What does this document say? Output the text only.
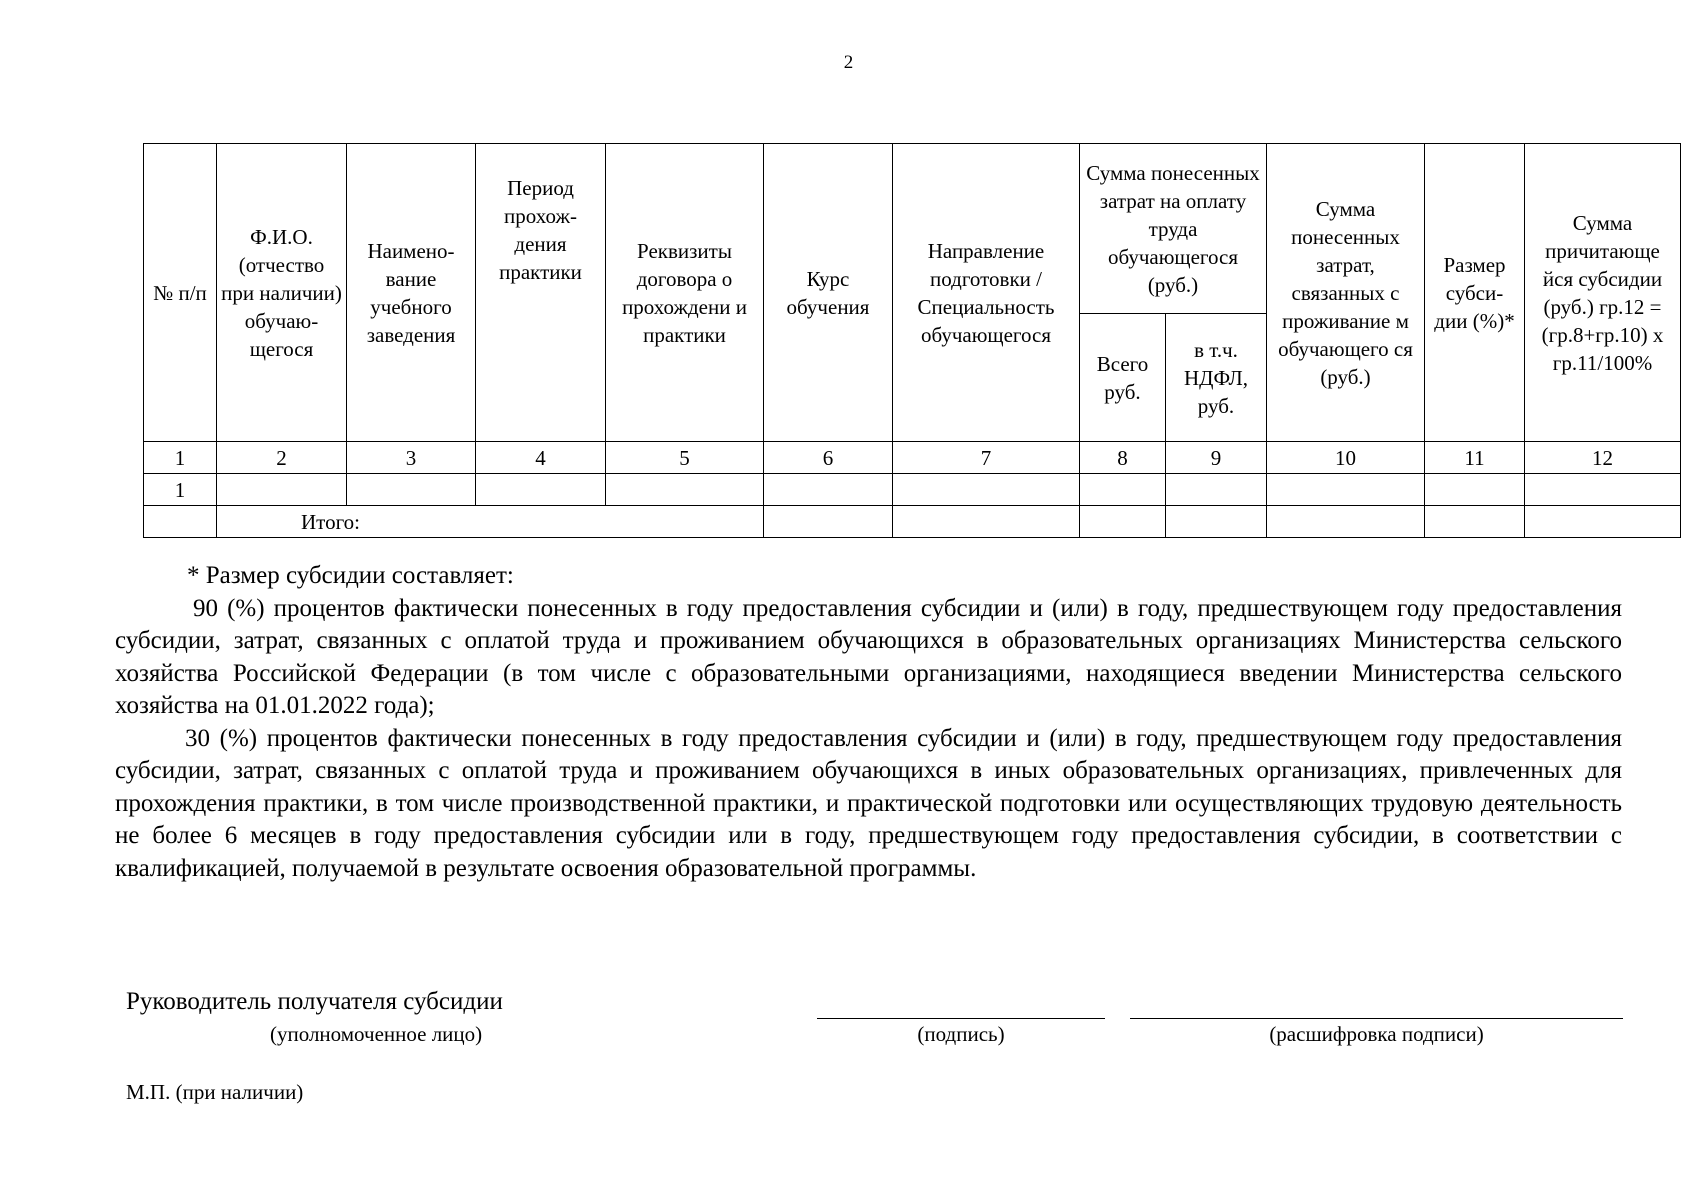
2
№ п/п	Ф.И.О. (отчество при наличии) обучаю- щегося	Наимено- вание учебного заведения	Период прохож- дения практики	Реквизиты договора о прохождени и практики	Курс обучения	Направление подготовки / Специальность обучающегося	Сумма понесенных затрат на оплату труда обучающегося (руб.)		Сумма понесенных затрат, связанных с проживание м обучающего ся (руб.)	Размер субси- дии (%)*	Сумма причитающе йся субсидии (руб.) гр.12 = (гр.8+гр.10) х гр.11/100%
							Всего руб.	в т.ч. НДФЛ, руб.			
1	2	3	4	5	6	7	8	9	10	11	12
1											
	Итого:										

* Размер субсидии составляет:

90 (%) процентов фактически понесенных в году предоставления субсидии и (или) в году, предшествующем году предоставления субсидии, затрат, связанных с оплатой труда и проживанием обучающихся в образовательных организациях Министерства сельского хозяйства Российской Федерации (в том числе с образовательными организациями, находящиеся введении Министерства сельского хозяйства на 01.01.2022 года);

30 (%) процентов фактически понесенных в году предоставления субсидии и (или) в году, предшествующем году предоставления субсидии, затрат, связанных с оплатой труда и проживанием обучающихся в иных образовательных организациях, привлеченных для прохождения практики, в том числе производственной практики, и практической подготовки или осуществляющих трудовую деятельность не более 6 месяцев в году предоставления субсидии или в году, предшествующем году предоставления субсидии, в соответствии с квалификацией, получаемой в результате освоения образовательной программы.

Руководитель получателя субсидии
(уполномоченное лицо)	(подпись)	(расшифровка подписи)
М.П. (при наличии)
